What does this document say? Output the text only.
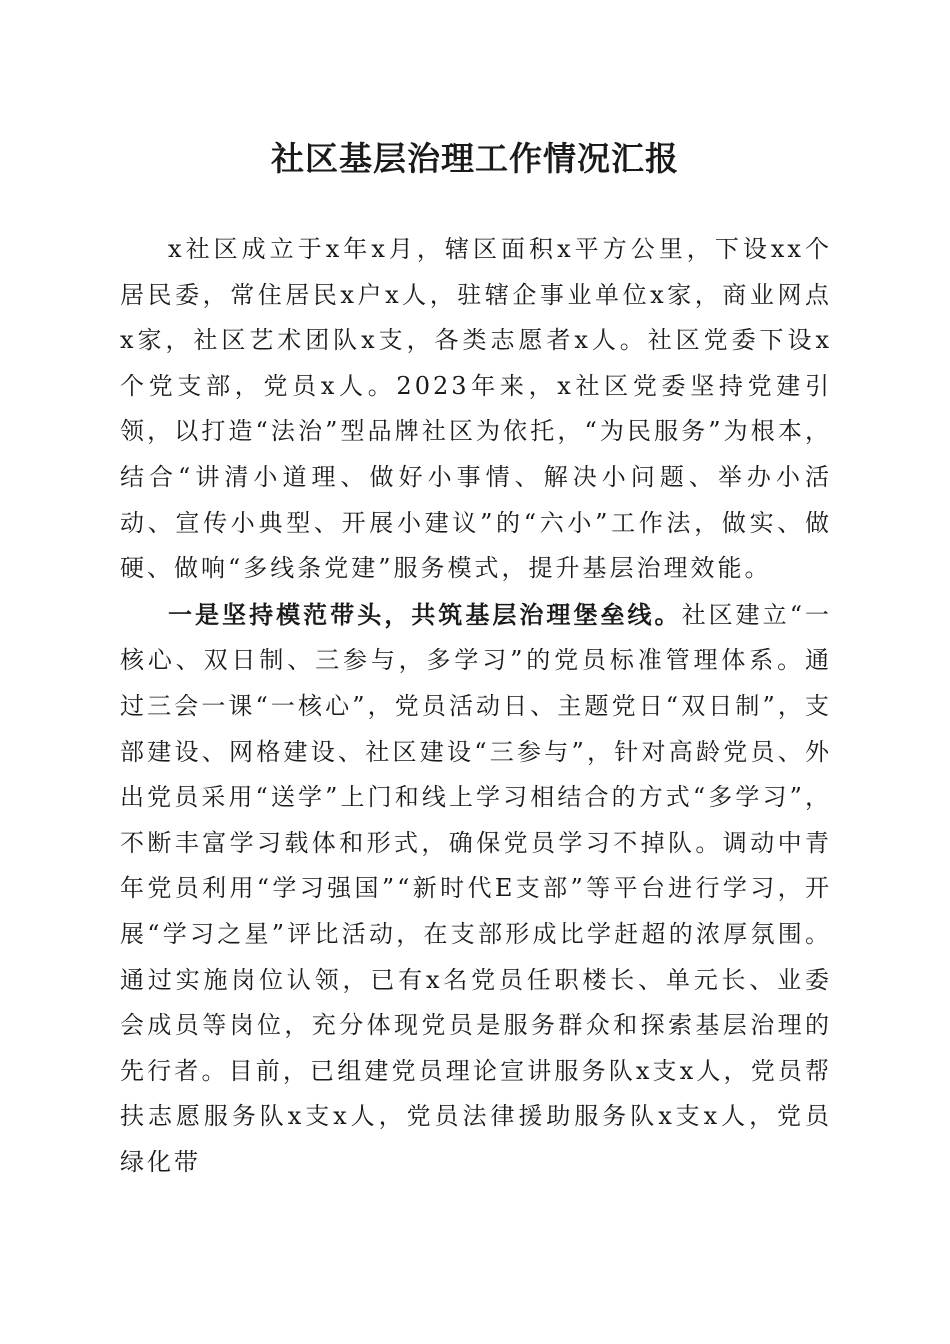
社区基层治理工作情况汇报

x社区成立于x年x月，辖区面积x平方公里，下设xx个居民委，常住居民x户x人，驻辖企事业单位x家，商业网点x家，社区艺术团队x支，各类志愿者x人。社区党委下设x个党支部，党员x人。2023年来，x社区党委坚持党建引领，以打造“法治”型品牌社区为依托，“为民服务”为根本，结合“讲清小道理、做好小事情、解决小问题、举办小活动、宣传小典型、开展小建议”的“六小”工作法，做实、做硬、做响“多线条党建”服务模式，提升基层治理效能。

一是坚持模范带头，共筑基层治理堡垒线。社区建立“一核心、双日制、三参与，多学习”的党员标准管理体系。通过三会一课“一核心”，党员活动日、主题党日“双日制”，支部建设、网格建设、社区建设“三参与”，针对高龄党员、外出党员采用“送学”上门和线上学习相结合的方式“多学习”，不断丰富学习载体和形式，确保党员学习不掉队。调动中青年党员利用“学习强国”“新时代E支部”等平台进行学习，开展“学习之星”评比活动，在支部形成比学赶超的浓厚氛围。通过实施岗位认领，已有x名党员任职楼长、单元长、业委会成员等岗位，充分体现党员是服务群众和探索基层治理的先行者。目前，已组建党员理论宣讲服务队x支x人，党员帮扶志愿服务队x支x人，党员法律援助服务队x支x人，党员绿化带
